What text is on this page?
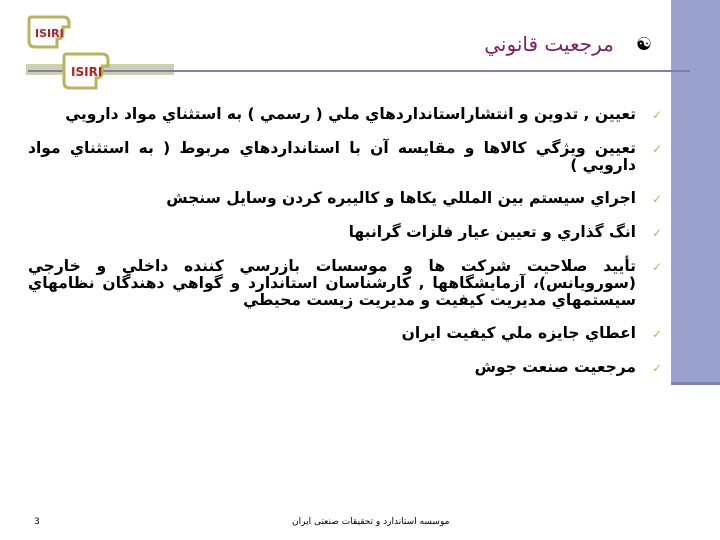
ISIRI
ISIRI
☯
مرجعيت قانوني
✓
تعيين , تدوين و انتشاراستانداردهاي ملي ( رسمي ) به استثناي مواد دارويي
✓
تعيين ويژگي كالاها و مقايسه آن با استانداردهاي مربوط ( به استثناي مواد دارويي )
✓
اجراي سيستم بين المللي يكاها و كاليبره كردن وسايل سنجش
✓
انگ گذاري و تعيين عيار فلزات گرانبها
✓
تأييد صلاحيت شركت ها و موسسات بازرسي كننده داخلي و خارجي (سورويانس)، آزمايشگاهها , كارشناسان استاندارد و گواهي دهندگان نظامهاي سيستمهاي مديريت كيفيت و مديريت زيست محيطي
✓
اعطاي جايزه ملي كيفيت ايران
✓
مرجعيت صنعت جوش
3	موسسه استاندارد و تحقیقات صنعتی ایران
